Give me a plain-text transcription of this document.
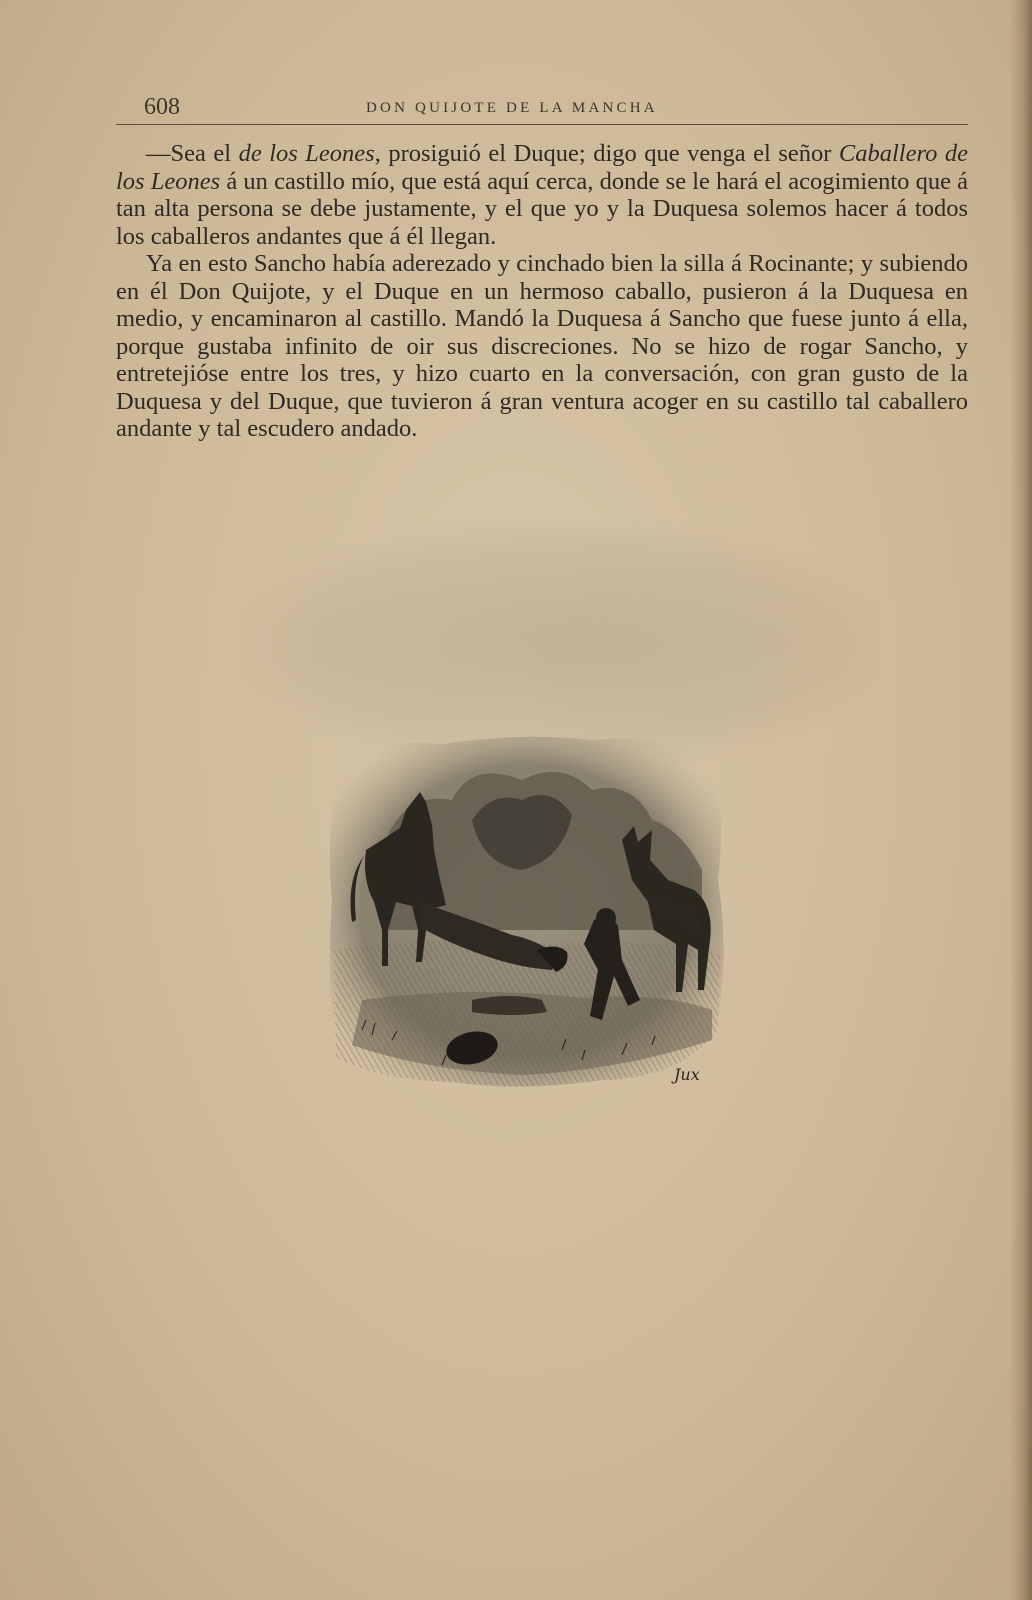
608	DON QUIJOTE DE LA MANCHA

—Sea el de los Leones, prosiguió el Duque; digo que venga el señor Caballero de los Leones á un castillo mío, que está aquí cerca, donde se le hará el acogimiento que á tan alta persona se debe justamente, y el que yo y la Duquesa solemos hacer á todos los caballeros andantes que á él llegan.

Ya en esto Sancho había aderezado y cinchado bien la silla á Rocinante; y subiendo en él Don Quijote, y el Duque en un hermoso caballo, pusieron á la Duquesa en medio, y encaminaron al castillo. Mandó la Duquesa á Sancho que fuese junto á ella, porque gustaba infinito de oir sus discreciones. No se hizo de rogar Sancho, y entretejióse entre los tres, y hizo cuarto en la conversación, con gran gusto de la Duquesa y del Duque, que tuvieron á gran ventura acoger en su castillo tal caballero andante y tal escudero andado.

Jux
